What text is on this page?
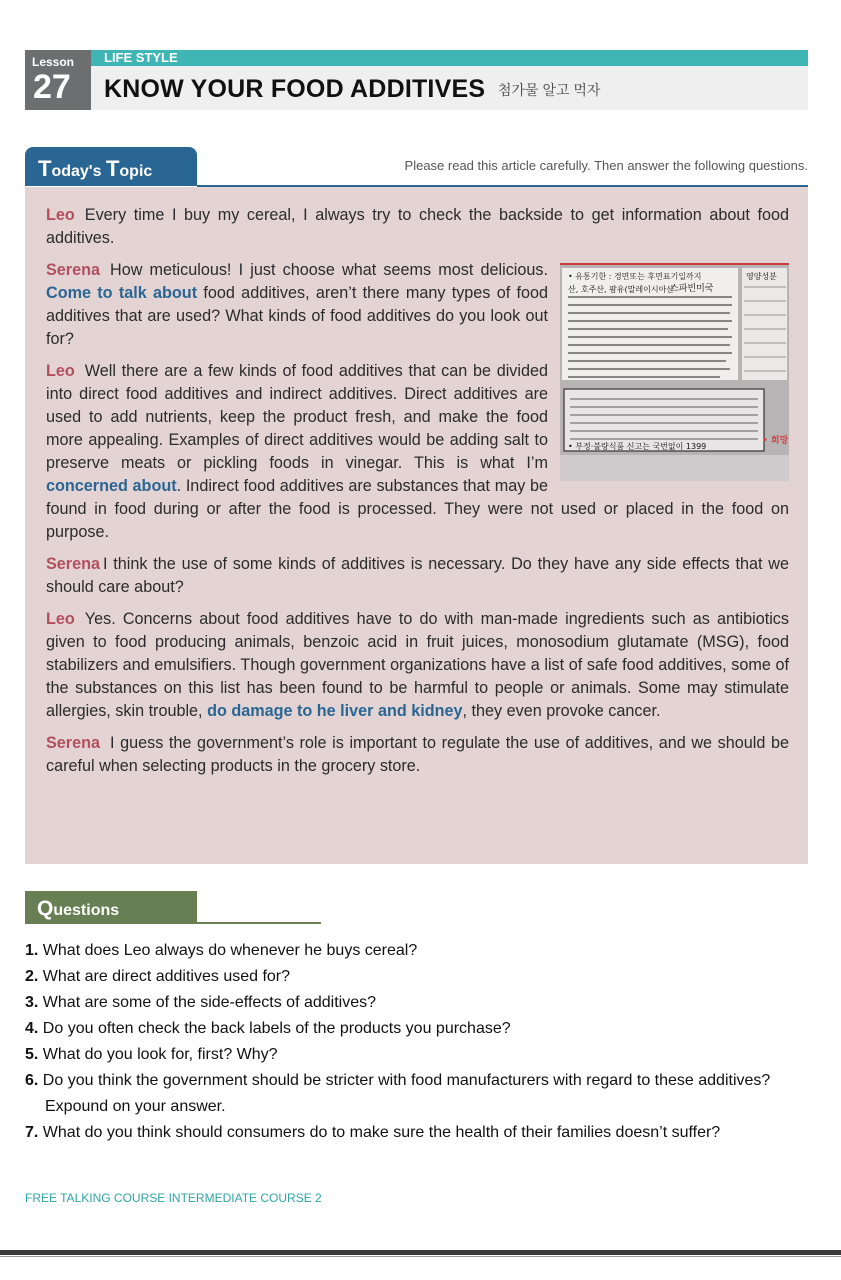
Lesson
27
LIFE STYLE
KNOW YOUR FOOD ADDITIVES 첨가물 알고 먹자
Today's Topic	Please read this article carefully. Then answer the following questions.

Leo Every time I buy my cereal, I always try to check the backside to get information about food additives.

• 유통기한 : 경면또는 후면표기일까지
스파빈미국
산, 호주산, 팜유(말레이시아산
영양성분
• 부정·불량식품 신고는 국번없이 1399
• 희망

Serena How meticulous! I just choose what seems most delicious. Come to talk about food additives, aren’t there many types of food additives that are used? What kinds of food additives do you look out for?

Leo Well there are a few kinds of food additives that can be divided into direct food additives and indirect additives. Direct additives are used to add nutrients, keep the product fresh, and make the food more appealing. Examples of direct additives would be adding salt to preserve meats or pickling foods in vinegar. This is what I’m concerned about. Indirect food additives are substances that may be found in food during or after the food is processed. They were not used or placed in the food on purpose.

Serena I think the use of some kinds of additives is necessary. Do they have any side effects that we should care about?

Leo Yes. Concerns about food additives have to do with man-made ingredients such as antibiotics given to food producing animals, benzoic acid in fruit juices, monosodium glutamate (MSG), food stabilizers and emulsifiers. Though government organizations have a list of safe food additives, some of the substances on this list has been found to be harmful to people or animals. Some may stimulate allergies, skin trouble, do damage to he liver and kidney, they even provoke cancer.

Serena I guess the government’s role is important to regulate the use of additives, and we should be careful when selecting products in the grocery store.

Questions
1. What does Leo always do whenever he buys cereal?
2. What are direct additives used for?
3. What are some of the side-effects of additives?
4. Do you often check the back labels of the products you purchase?
5. What do you look for, first? Why?
6. Do you think the government should be stricter with food manufacturers with regard to these additives? Expound on your answer.
7. What do you think should consumers do to make sure the health of their families doesn’t suffer?
FREE TALKING COURSE INTERMEDIATE COURSE 2
